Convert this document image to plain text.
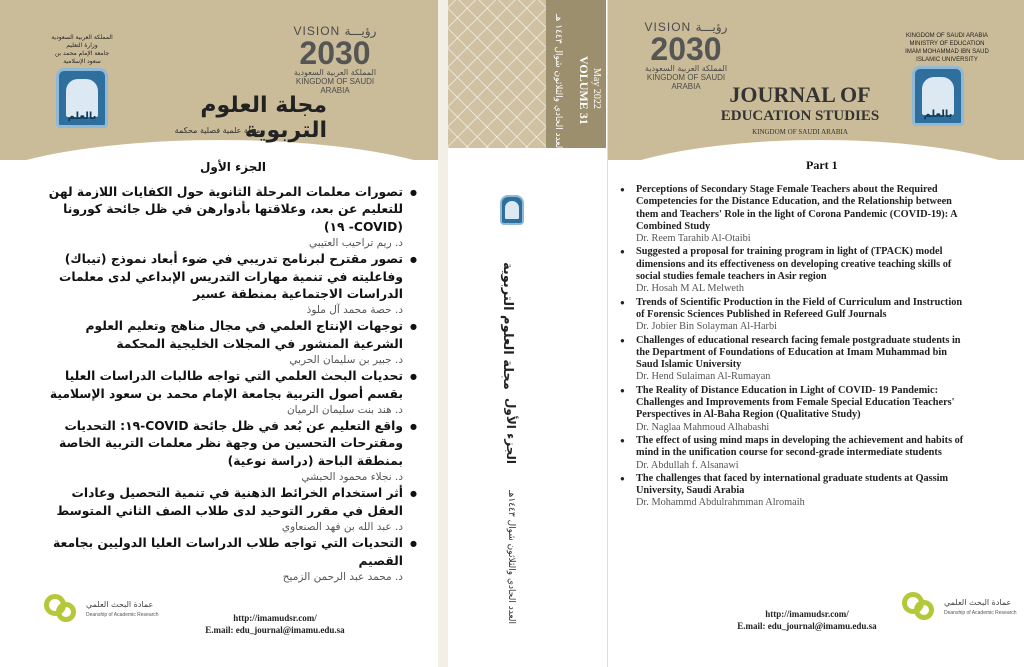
العدد الحادي والثلاثون شوال ١٤٤٣ هـ VOLUME 31 May 2022
مجلة العلوم التربوية
الجزء الأول
العدد الحادي والثلاثون شوال ١٤٤٣هـ
المملكة العربية السعودية
وزارة التعليم
جامعة الإمام محمد بن سعود الإسلامية
بالعلم
VISION رؤيـــة
2030
المملكة العربية السعودية
KINGDOM OF SAUDI ARABIA
مجلة العلوم التربوية
مجلة علمية فصلية محكمة
الجزء الأول
● تصورات معلمات المرحلة الثانوية حول الكفايات اللازمة لهن للتعليم عن بعد، وعلاقتها بأدوارهن في ظل جائحة كورونا (COVID- ١٩)
د. ريم تراحيب العتيبي
● تصور مقترح لبرنامج تدريبي في ضوء أبعاد نموذج (تيباك) وفاعليته في تنمية مهارات التدريس الإبداعي لدى معلمات الدراسات الاجتماعية بمنطقة عسير
د. حصة محمد آل ملوذ
● توجهات الإنتاج العلمي في مجال مناهج وتعليم العلوم الشرعية المنشور في المجلات الخليجية المحكمة
د. جبير بن سليمان الحربي
● تحديات البحث العلمي التي تواجه طالبات الدراسات العليا بقسم أصول التربية بجامعة الإمام محمد بن سعود الإسلامية
د. هند بنت سليمان الرميان
● واقع التعليم عن بُعد في ظل جائحة COVID-١٩: التحديات ومقترحات التحسين من وجهة نظر معلمات التربية الخاصة بمنطقة الباحة (دراسة نوعية)
د. نجلاء محمود الحبشي
● أثر استخدام الخرائط الذهنية في تنمية التحصيل وعادات العقل في مقرر التوحيد لدى طلاب الصف الثاني المتوسط
د. عبد الله بن فهد الصنعاوي
● التحديات التي تواجه طلاب الدراسات العليا الدوليين بجامعة القصيم
د. محمد عبد الرحمن الزميح
عمادة البحث العلمي
Deanship of Academic Research	http://imamudsr.com/
E.mail: edu_journal@imamu.edu.sa
VISION رؤيـــة
2030
المملكة العربية السعودية
KINGDOM OF SAUDI ARABIA
KINGDOM OF SAUDI ARABIA
MINISTRY OF EDUCATION
IMAM MOHAMMAD IBN SAUD
ISLAMIC UNIVERSITY
بالعلم
JOURNAL OF
EDUCATION STUDIES
KINGDOM OF SAUDI ARABIA
Part 1
● Perceptions of Secondary Stage Female Teachers about the Required Competencies for the Distance Education, and the Relationship between them and Teachers' Role in the light of Corona Pandemic (COVID-19): A Combined Study
Dr. Reem Tarahib Al-Otaibi
● Suggested a proposal for training program in light of (TPACK) model dimensions and its effectiveness on developing creative teaching skills of social studies female teachers in Asir region
Dr. Hosah M AL Melweth
● Trends of Scientific Production in the Field of Curriculum and Instruction of Forensic Sciences Published in Refereed Gulf Journals
Dr. Jobier Bin Solayman Al-Harbi
● Challenges of educational research facing female postgraduate students in the Department of Foundations of Education at Imam Muhammad bin Saud Islamic University
Dr. Hend Sulaiman Al-Rumayan
● The Reality of Distance Education in Light of COVID- 19 Pandemic: Challenges and Improvements from Female Special Education Teachers' Perspectives in Al-Baha Region (Qualitative Study)
Dr. Naglaa Mahmoud Alhabashi
● The effect of using mind maps in developing the achievement and habits of mind in the unification course for second-grade intermediate students
Dr. Abdullah f. Alsanawi
● The challenges that faced by international graduate students at Qassim University, Saudi Arabia
Dr. Mohammd Abdulrahmman Alromaih
http://imamudsr.com/
E.mail: edu_journal@imamu.edu.sa
عمادة البحث العلمي
Deanship of Academic Research
